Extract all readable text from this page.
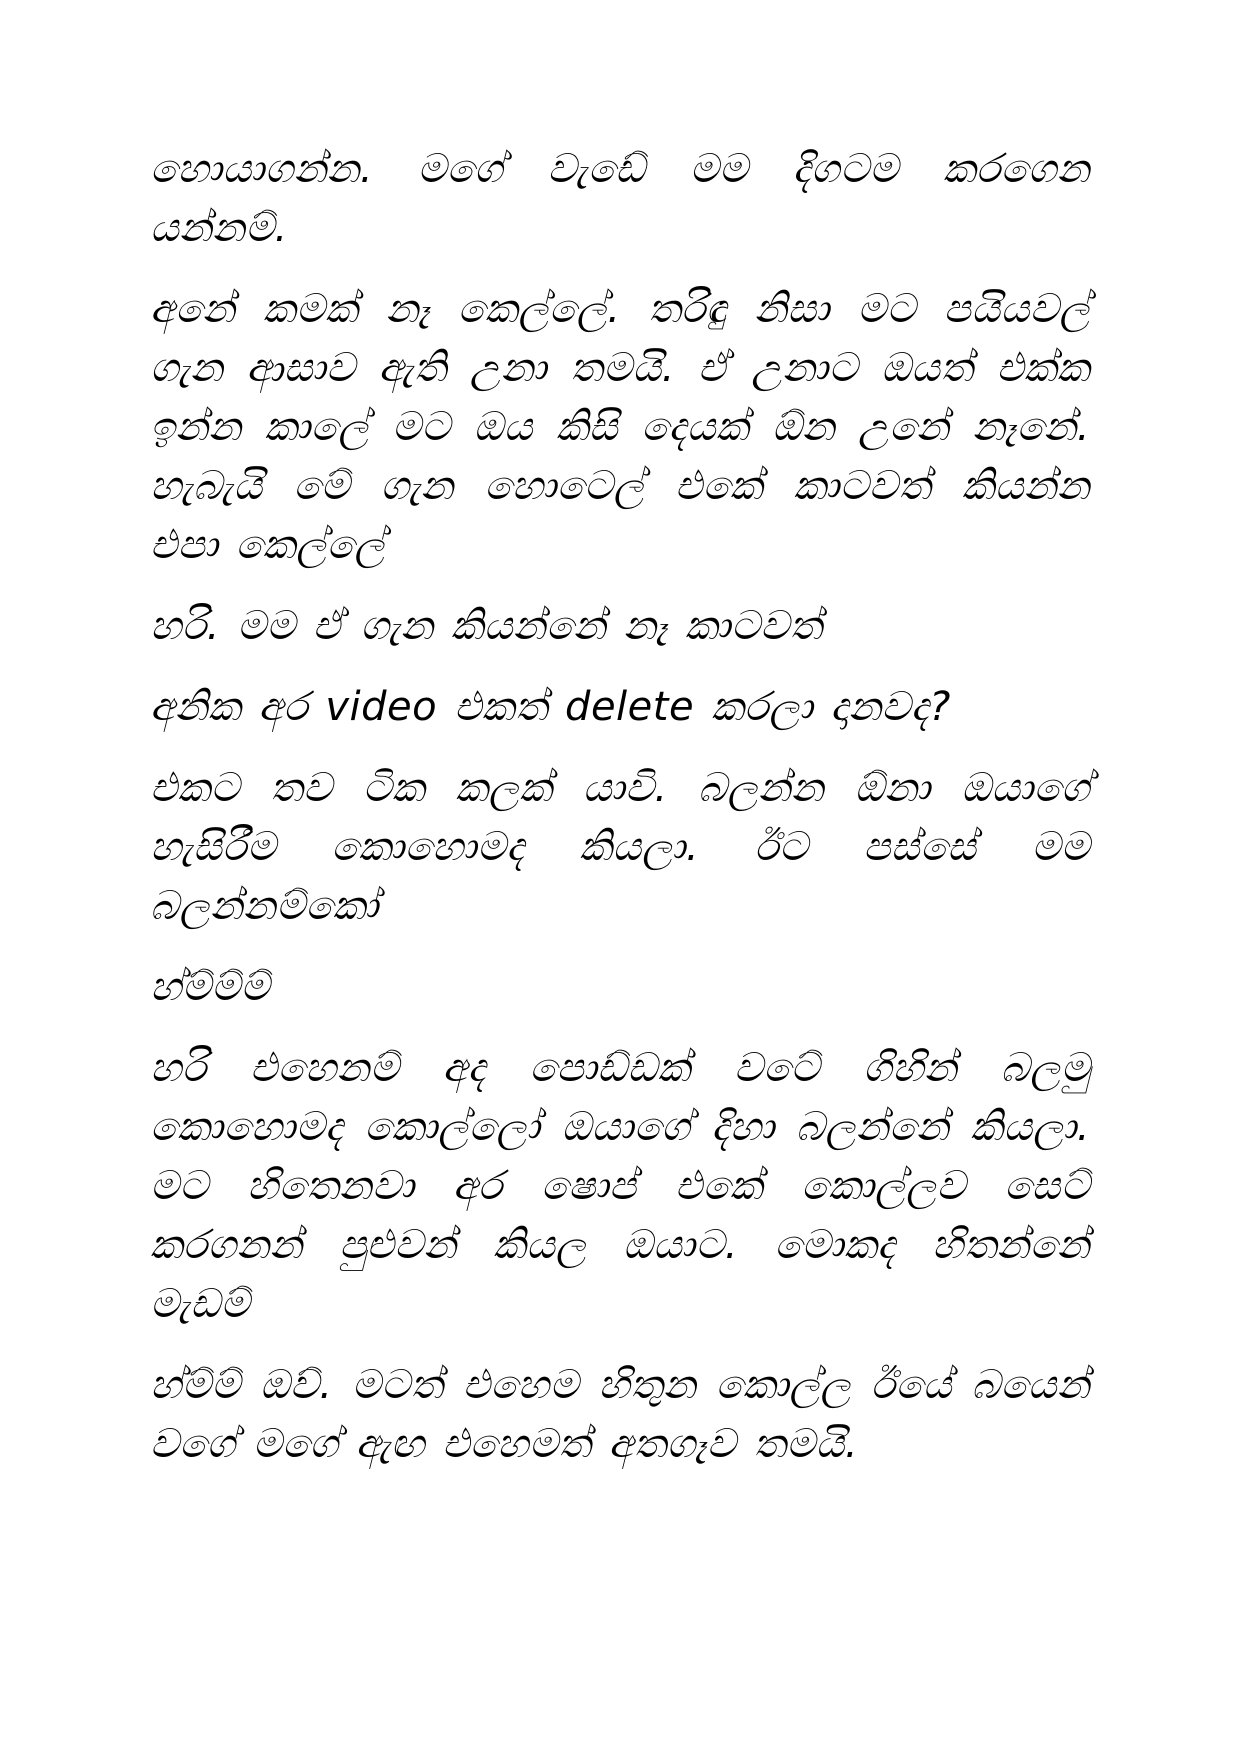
හොයාගන්න. මගේ වැඩේ මම දිගටම කරගෙන යන්නම්.

අනේ කමක් නෑ කෙල්ලේ. තරිඳු නිසා මට පයියවල් ගැන ආසාව ඇති උනා තමයි. ඒ උනාට ඔයත් එක්ක ඉන්න කාලේ මට ඔය කිසි දෙයක් ඕන උනේ නෑනේ. හැබැයි මේ ගැන හොටෙල් එකේ කාටවත් කියන්න එපා කෙල්ලේ

හරි. මම ඒ ගැන කියන්නේ නෑ කාටවත්

අනික අර video එකත් delete කරලා දානවද?

එකට තව ටික කලක් යාවි. බලන්න ඕනා ඔයාගේ හැසිරීම කොහොමද කියලා. ඊට පස්සේ මම බලන්නම්කෝ

හ්ම්ම්ම්

හරි එහෙනම් අද පොඩ්ඩක් වටේ ගිහින් බලමු කොහොමද කොල්ලෝ ඔයාගේ දිහා බලන්නේ කියලා. මට හිතෙනවා අර ෂොප් එකේ කොල්ලව සෙට් කරගනන් පුළුවන් කියල ඔයාට. මොකද හිතන්නේ මැඩම්

හ්ම්ම් ඔව්. මටත් එහෙම හිතුන කොල්ල ඊයේ බයෙන් වගේ මගේ ඇඟ එහෙමත් අතගෑව තමයි.
